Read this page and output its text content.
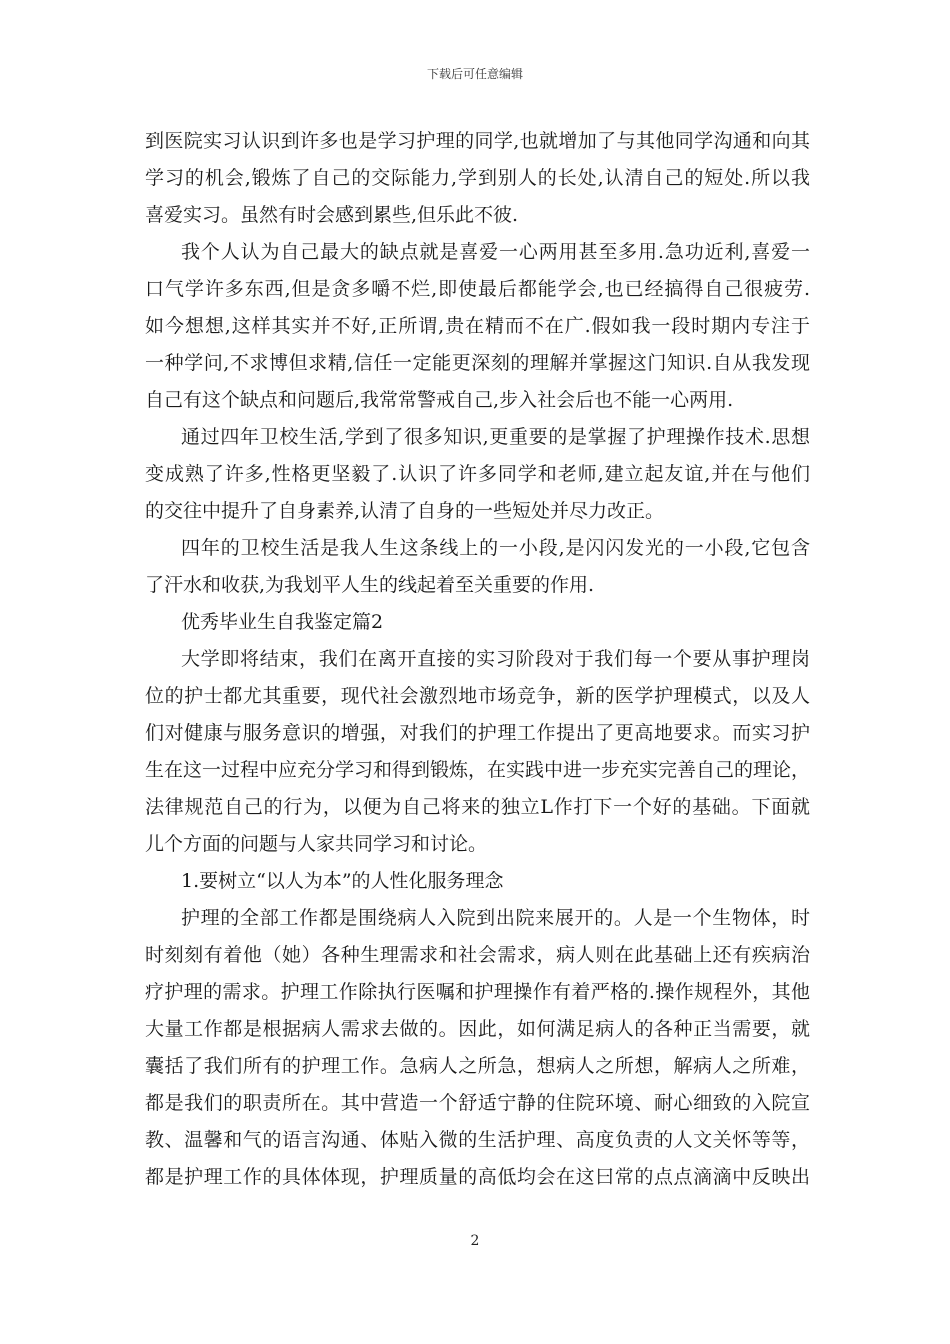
下载后可任意编辑
到医院实习认识到许多也是学习护理的同学,也就增加了与其他同学沟通和向其
学习的机会,锻炼了自己的交际能力,学到别人的长处,认清自己的短处.所以我
喜爱实习。虽然有时会感到累些,但乐此不彼.
我个人认为自己最大的缺点就是喜爱一心两用甚至多用.急功近利,喜爱一
口气学许多东西,但是贪多嚼不烂,即使最后都能学会,也已经搞得自己很疲劳.
如今想想,这样其实并不好,正所谓,贵在精而不在广.假如我一段时期内专注于
一种学问,不求博但求精,信任一定能更深刻的理解并掌握这门知识.自从我发现
自己有这个缺点和问题后,我常常警戒自己,步入社会后也不能一心两用.
通过四年卫校生活,学到了很多知识,更重要的是掌握了护理操作技术.思想
变成熟了许多,性格更坚毅了.认识了许多同学和老师,建立起友谊,并在与他们
的交往中提升了自身素养,认清了自身的一些短处并尽力改正。
四年的卫校生活是我人生这条线上的一小段,是闪闪发光的一小段,它包含
了汗水和收获,为我划平人生的线起着至关重要的作用.
优秀毕业生自我鉴定篇2
大学即将结束，我们在离开直接的实习阶段对于我们每一个要从事护理岗
位的护士都尤其重要，现代社会激烈地市场竞争，新的医学护理模式，以及人
们对健康与服务意识的增强，对我们的护理工作提出了更高地要求。而实习护
生在这一过程中应充分学习和得到锻炼，在实践中进一步充实完善自己的理论，
法律规范自己的行为，以便为自己将来的独立L作打下一个好的基础。下面就
儿个方面的问题与人家共同学习和讨论。
1.要树立“以人为本”的人性化服务理念
护理的全部工作都是围绕病人入院到出院来展开的。人是一个生物体，时
时刻刻有着他（她）各种生理需求和社会需求，病人则在此基础上还有疾病治
疗护理的需求。护理工作除执行医嘱和护理操作有着严格的.操作规程外，其他
大量工作都是根据病人需求去做的。因此，如何满足病人的各种正当需要，就
囊括了我们所有的护理工作。急病人之所急，想病人之所想，解病人之所难，
都是我们的职责所在。其中营造一个舒适宁静的住院环境、耐心细致的入院宣
教、温馨和气的语言沟通、体贴入微的生活护理、高度负责的人文关怀等等，
都是护理工作的具体体现，护理质量的高低均会在这曰常的点点滴滴中反映出
2
